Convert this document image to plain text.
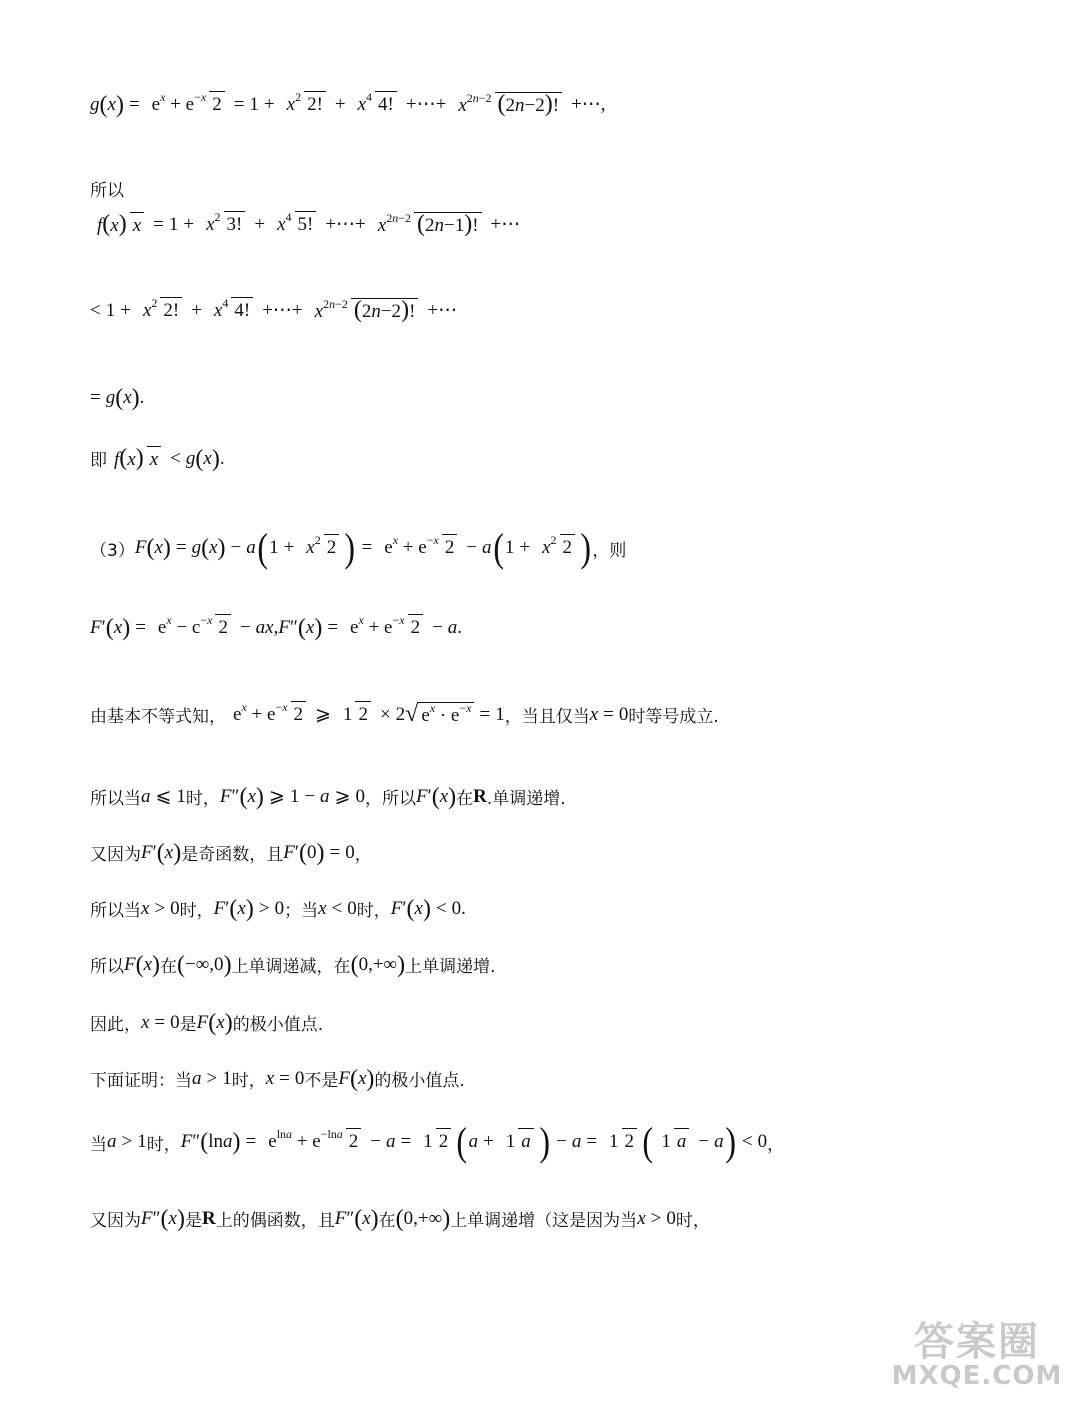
g ( x ) = $e^x + e^{-x}$ $2 = 1 + x^2$ 2! + $x^4$ 4! +⋯+ $x^{2n-2}$ (2n−2)! +⋯,
所以
f(x) $x = 1 + x^2$ 3! + $x^4$ 5! +⋯+ $x^{2n-2}$ (2n−1)! +⋯
< $1 + x^2$ 2! + $x^4$ 4! +⋯+ $x^{2n-2}$ (2n−2)! +⋯
= g ( x ) .
即 f(x) x < g ( x ) .
（3） F ( x ) = g ( x ) − a ( $1 + x^2$ 2 ) = $e^x + e^{-x}$ 2 − a ( $1 + x^2$ 2 ) ，则
F ′ ( x ) = $e^x - c^{-x}$ 2 − ax , F ″ ( x ) = $e^x + e^{-x}$ 2 − a .
由基本不等式知， $e^x + e^{-x}$ 2 ⩾ 1 2 × 2 √ $e^x \cdot e^{-x} = 1$ ，当且仅当 x = 0 时等号成立.
所以当 a ⩽ 1 时， F ″ ( x ) ⩾ 1 − a ⩾ 0 ，所以 F ′ ( x ) 在 R .单调递增.
又因为 F ′ ( x ) 是奇函数，且 F ′ ( 0 ) = 0 ，
所以当 x > 0 时， F ′ ( x ) > 0 ；当 x < 0 时， F ′ ( x ) < 0 .
所以 F ( x ) 在 ( −∞,0 ) 上单调递减，在 ( 0,+∞ ) 上单调递增.
因此， x = 0 是 F ( x ) 的极小值点.
下面证明：当 a > 1 时， x = 0 不是 F ( x ) 的极小值点.
当 a > 1 时， F ″ ( ln a ) = $e^{lna} + e^{-lna}$ 2 − a = 1 2 ( a + 1 a ) − a = 1 2 ( 1 a − a ) < 0 ，
又因为 F ″ ( x ) 是 R 上的偶函数，且 F ″ ( x ) 在 ( 0,+∞ ) 上单调递增（这是因为当 x > 0 时，
答案圈
MXQE.COM
